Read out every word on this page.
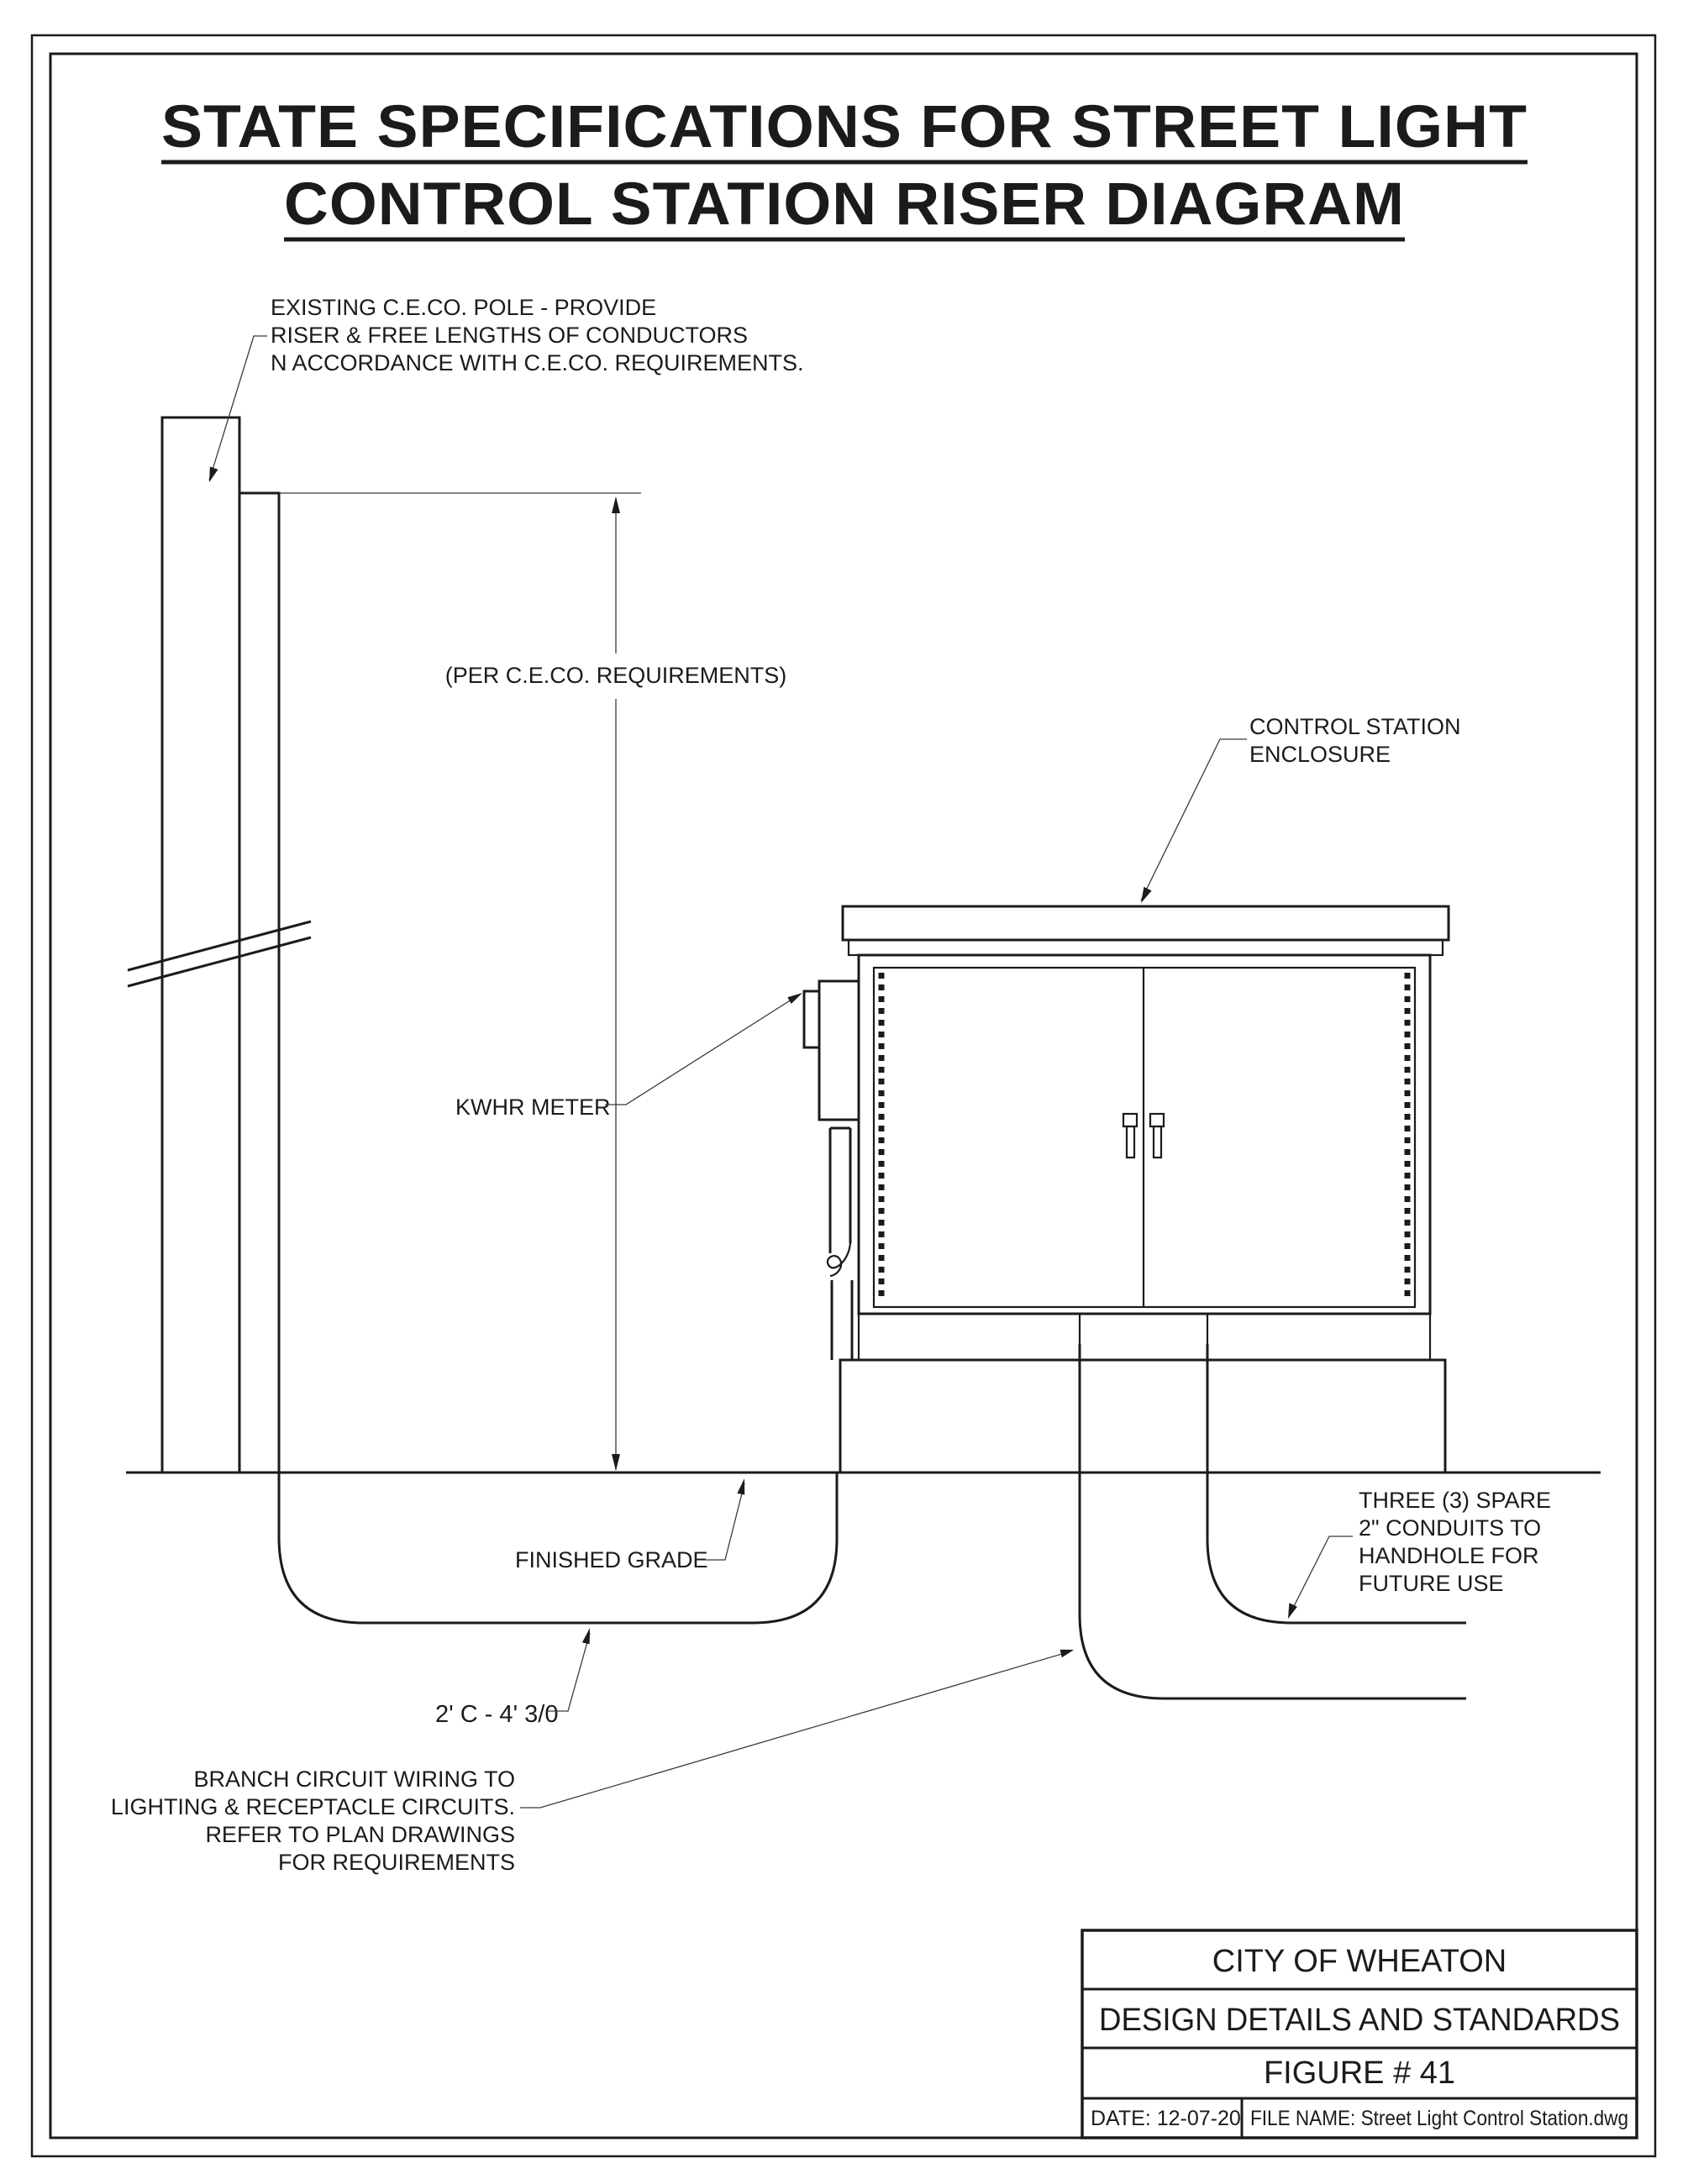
STATE SPECIFICATIONS FOR STREET LIGHT
CONTROL STATION RISER DIAGRAM
(PER C.E.CO. REQUIREMENTS)
EXISTING C.E.CO. POLE - PROVIDE
RISER & FREE LENGTHS OF CONDUCTORS
N ACCORDANCE WITH C.E.CO. REQUIREMENTS.
CONTROL STATION
ENCLOSURE
KWHR METER
FINISHED GRADE
2' C - 4' 3/0
BRANCH CIRCUIT WIRING TO
LIGHTING & RECEPTACLE CIRCUITS.
REFER TO PLAN DRAWINGS
FOR REQUIREMENTS
THREE (3) SPARE
2" CONDUITS TO
HANDHOLE FOR
FUTURE USE
CITY OF WHEATON
DESIGN DETAILS AND STANDARDS
FIGURE # 41
DATE: 12-07-20 FILE NAME: Street Light Control Station.dwg
